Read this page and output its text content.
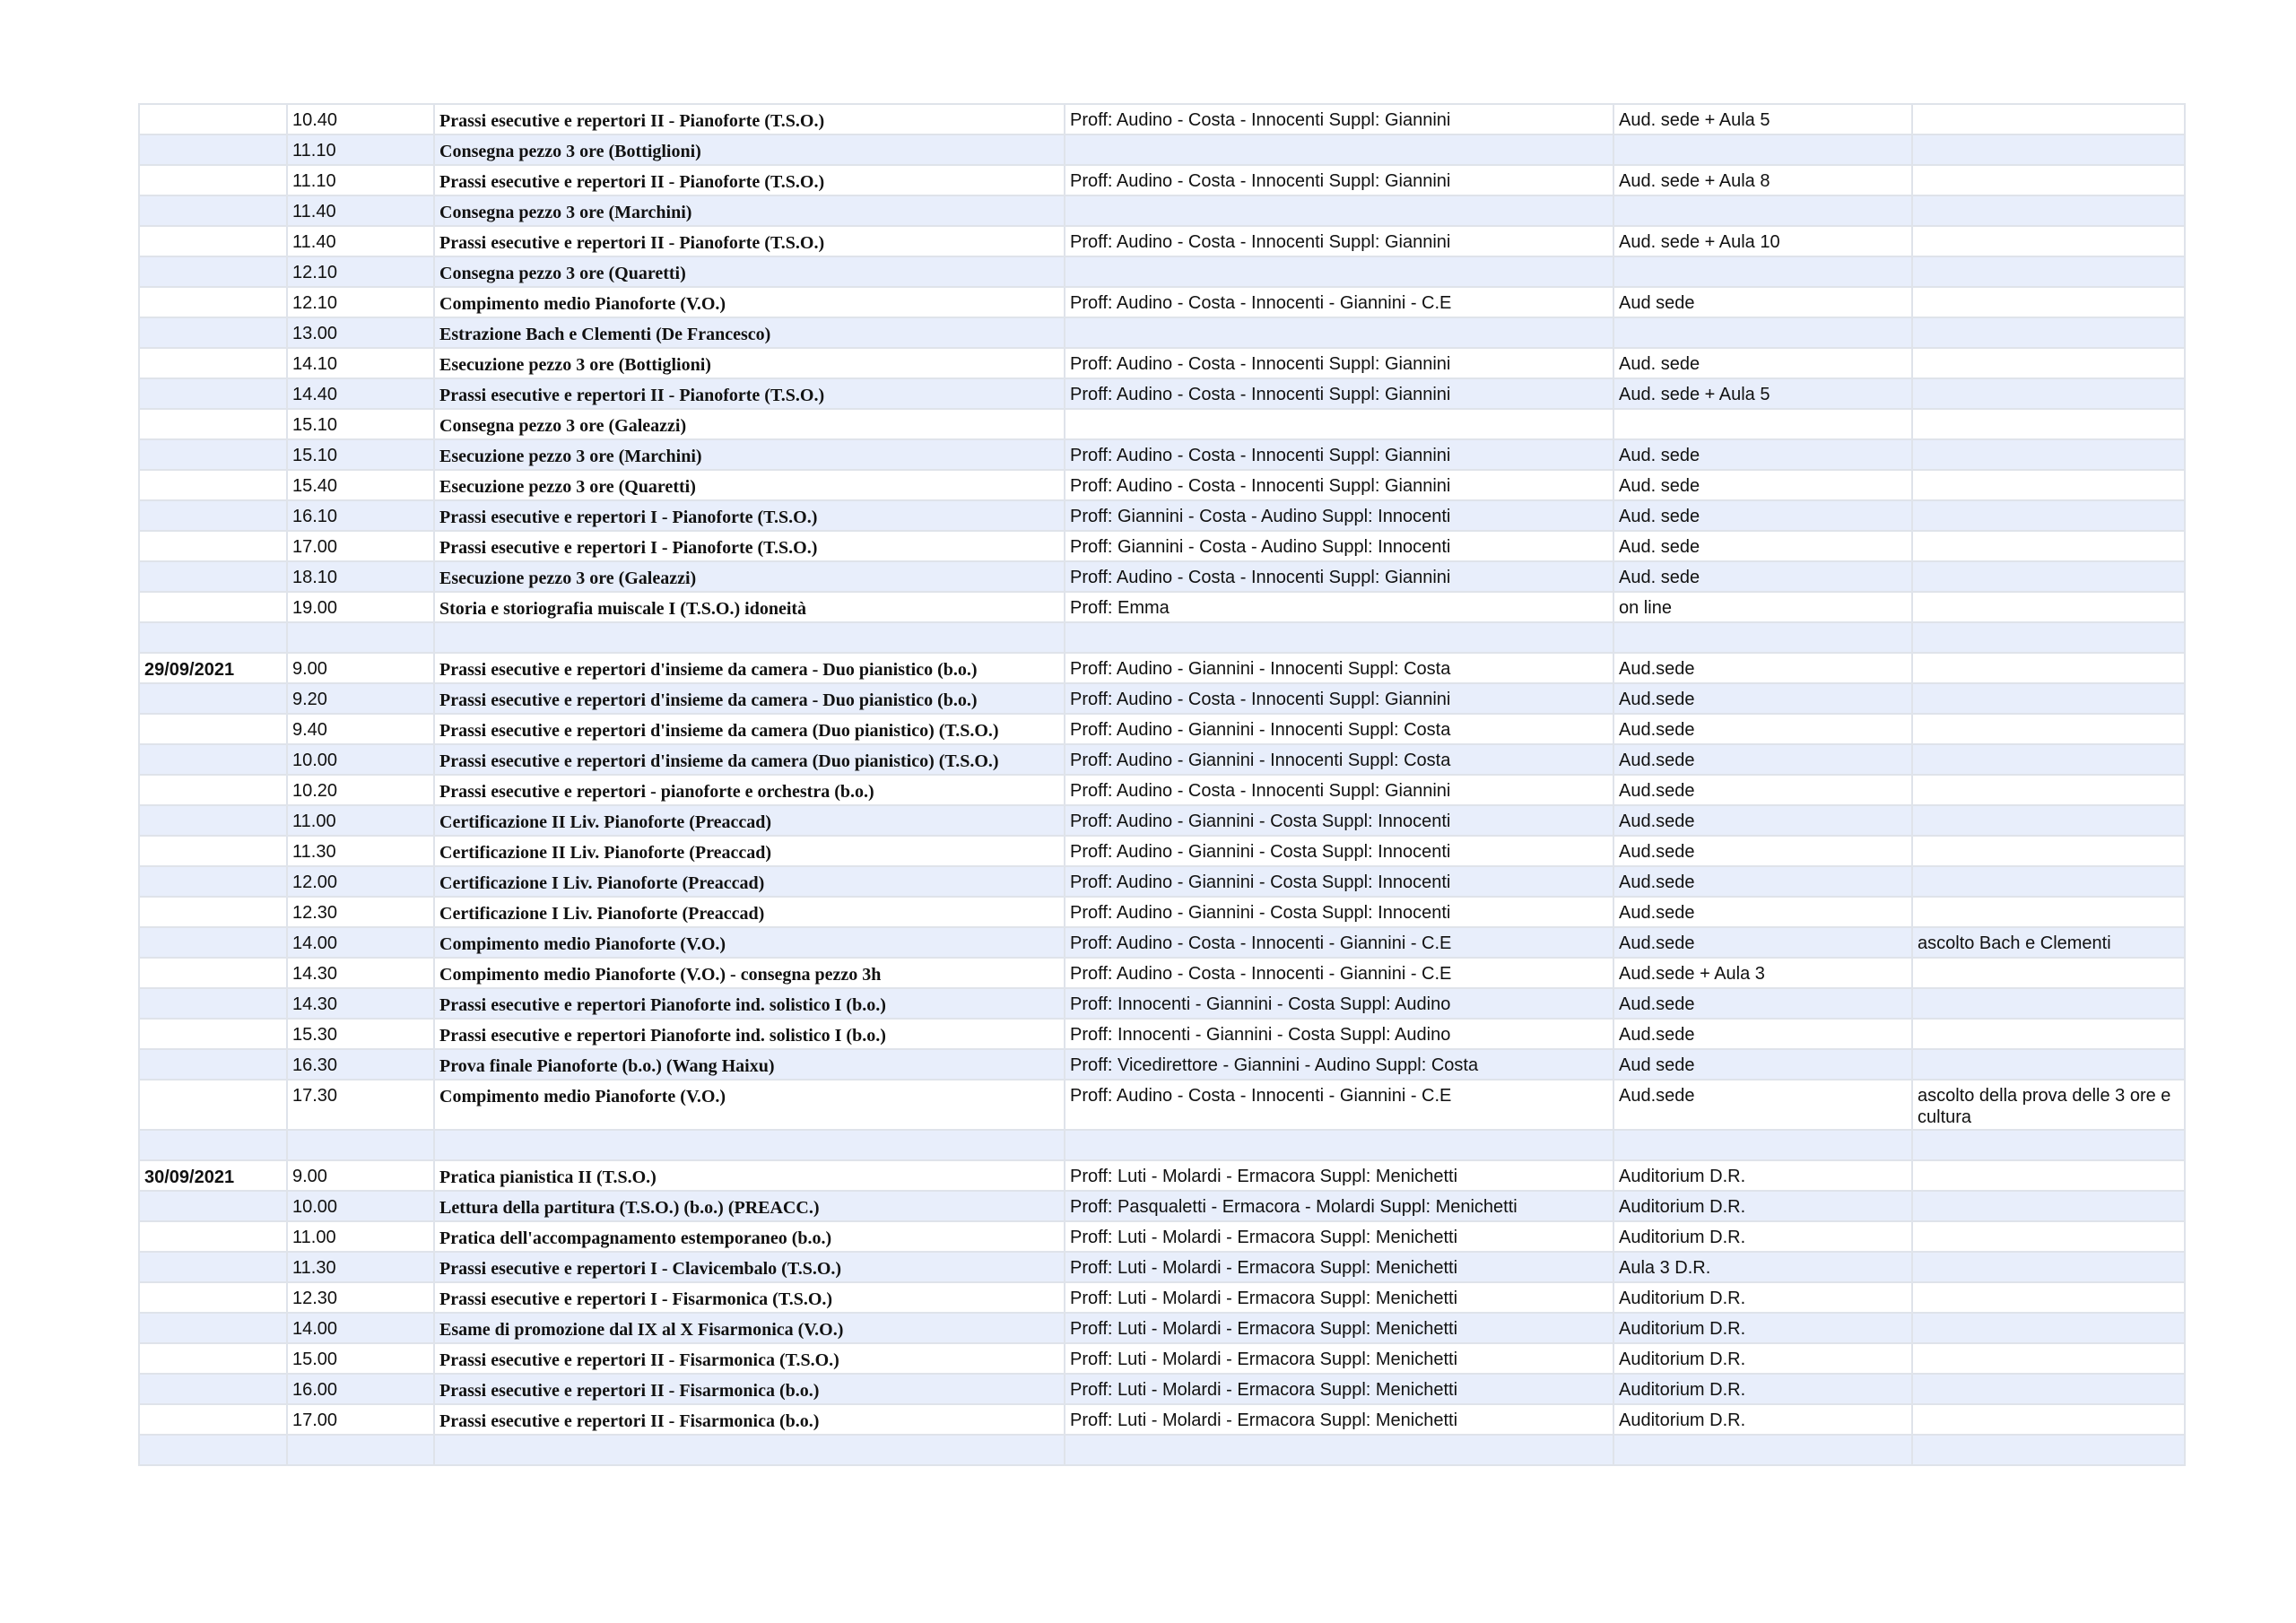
	10.40	Prassi esecutive e repertori II - Pianoforte (T.S.O.)	Proff: Audino - Costa - Innocenti Suppl: Giannini	Aud. sede + Aula 5	
	11.10	Consegna pezzo 3 ore (Bottiglioni)			
	11.10	Prassi esecutive e repertori II - Pianoforte (T.S.O.)	Proff: Audino - Costa - Innocenti Suppl: Giannini	Aud. sede + Aula 8	
	11.40	Consegna pezzo 3 ore (Marchini)			
	11.40	Prassi esecutive e repertori II - Pianoforte (T.S.O.)	Proff: Audino - Costa - Innocenti Suppl: Giannini	Aud. sede + Aula 10	
	12.10	Consegna pezzo 3 ore (Quaretti)			
	12.10	Compimento medio Pianoforte (V.O.)	Proff: Audino - Costa - Innocenti - Giannini - C.E	Aud sede	
	13.00	Estrazione Bach e Clementi (De Francesco)			
	14.10	Esecuzione pezzo 3 ore (Bottiglioni)	Proff: Audino - Costa - Innocenti Suppl: Giannini	Aud. sede	
	14.40	Prassi esecutive e repertori II - Pianoforte (T.S.O.)	Proff: Audino - Costa - Innocenti Suppl: Giannini	Aud. sede + Aula 5	
	15.10	Consegna pezzo 3 ore (Galeazzi)			
	15.10	Esecuzione pezzo 3 ore (Marchini)	Proff: Audino - Costa - Innocenti Suppl: Giannini	Aud. sede	
	15.40	Esecuzione pezzo 3 ore (Quaretti)	Proff: Audino - Costa - Innocenti Suppl: Giannini	Aud. sede	
	16.10	Prassi esecutive e repertori I - Pianoforte (T.S.O.)	Proff: Giannini - Costa - Audino Suppl: Innocenti	Aud. sede	
	17.00	Prassi esecutive e repertori I - Pianoforte (T.S.O.)	Proff: Giannini - Costa - Audino Suppl: Innocenti	Aud. sede	
	18.10	Esecuzione pezzo 3 ore (Galeazzi)	Proff: Audino - Costa - Innocenti Suppl: Giannini	Aud. sede	
	19.00	Storia e storiografia muiscale I (T.S.O.) idoneità	Proff: Emma	on line	

29/09/2021	9.00	Prassi esecutive e repertori d'insieme da camera - Duo pianistico (b.o.)	Proff: Audino - Giannini - Innocenti Suppl: Costa	Aud.sede	
	9.20	Prassi esecutive e repertori d'insieme da camera - Duo pianistico (b.o.)	Proff: Audino - Costa - Innocenti Suppl: Giannini	Aud.sede	
	9.40	Prassi esecutive e repertori d'insieme da camera (Duo pianistico) (T.S.O.)	Proff: Audino - Giannini - Innocenti Suppl: Costa	Aud.sede	
	10.00	Prassi esecutive e repertori d'insieme da camera (Duo pianistico) (T.S.O.)	Proff: Audino - Giannini - Innocenti Suppl: Costa	Aud.sede	
	10.20	Prassi esecutive e repertori - pianoforte e orchestra (b.o.)	Proff: Audino - Costa - Innocenti Suppl: Giannini	Aud.sede	
	11.00	Certificazione II Liv. Pianoforte (Preaccad)	Proff: Audino - Giannini - Costa Suppl: Innocenti	Aud.sede	
	11.30	Certificazione II Liv. Pianoforte (Preaccad)	Proff: Audino - Giannini - Costa Suppl: Innocenti	Aud.sede	
	12.00	Certificazione I Liv. Pianoforte (Preaccad)	Proff: Audino - Giannini - Costa Suppl: Innocenti	Aud.sede	
	12.30	Certificazione I Liv. Pianoforte (Preaccad)	Proff: Audino - Giannini - Costa Suppl: Innocenti	Aud.sede	
	14.00	Compimento medio Pianoforte (V.O.)	Proff: Audino - Costa - Innocenti - Giannini - C.E	Aud.sede	ascolto Bach e Clementi
	14.30	Compimento medio Pianoforte (V.O.) - consegna pezzo 3h	Proff: Audino - Costa - Innocenti - Giannini - C.E	Aud.sede + Aula 3	
	14.30	Prassi esecutive e repertori Pianoforte ind. solistico I (b.o.)	Proff: Innocenti - Giannini - Costa Suppl: Audino	Aud.sede	
	15.30	Prassi esecutive e repertori Pianoforte ind. solistico I (b.o.)	Proff: Innocenti - Giannini - Costa Suppl: Audino	Aud.sede	
	16.30	Prova finale Pianoforte (b.o.) (Wang Haixu)	Proff: Vicedirettore - Giannini - Audino Suppl: Costa	Aud sede	
	17.30	Compimento medio Pianoforte (V.O.)	Proff: Audino - Costa - Innocenti - Giannini - C.E	Aud.sede	ascolto della prova delle 3 ore e cultura

30/09/2021	9.00	Pratica pianistica II (T.S.O.)	Proff: Luti - Molardi - Ermacora Suppl: Menichetti	Auditorium D.R.	
	10.00	Lettura della partitura (T.S.O.) (b.o.) (PREACC.)	Proff: Pasqualetti - Ermacora - Molardi Suppl: Menichetti	Auditorium D.R.	
	11.00	Pratica dell'accompagnamento estemporaneo (b.o.)	Proff: Luti - Molardi - Ermacora Suppl: Menichetti	Auditorium D.R.	
	11.30	Prassi esecutive e repertori I - Clavicembalo (T.S.O.)	Proff: Luti - Molardi - Ermacora Suppl: Menichetti	Aula 3 D.R.	
	12.30	Prassi esecutive e repertori I - Fisarmonica (T.S.O.)	Proff: Luti - Molardi - Ermacora Suppl: Menichetti	Auditorium D.R.	
	14.00	Esame di promozione dal IX al X Fisarmonica (V.O.)	Proff: Luti - Molardi - Ermacora Suppl: Menichetti	Auditorium D.R.	
	15.00	Prassi esecutive e repertori II - Fisarmonica (T.S.O.)	Proff: Luti - Molardi - Ermacora Suppl: Menichetti	Auditorium D.R.	
	16.00	Prassi esecutive e repertori II - Fisarmonica (b.o.)	Proff: Luti - Molardi - Ermacora Suppl: Menichetti	Auditorium D.R.	
	17.00	Prassi esecutive e repertori II - Fisarmonica (b.o.)	Proff: Luti - Molardi - Ermacora Suppl: Menichetti	Auditorium D.R.	
